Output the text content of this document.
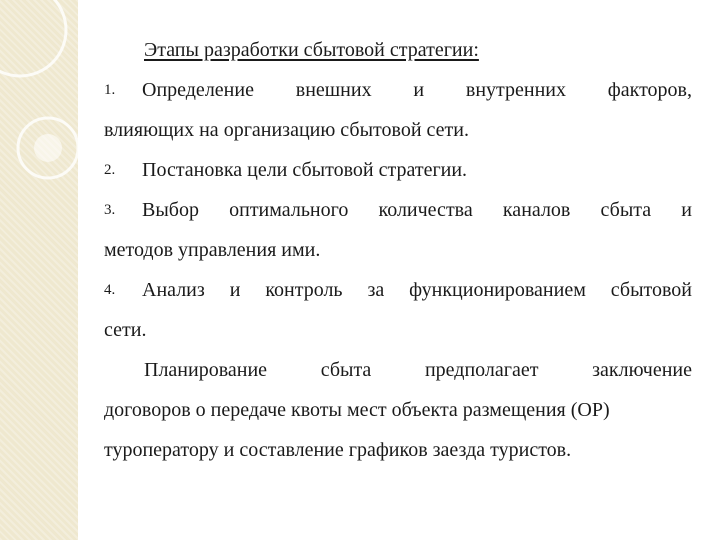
Этапы разработки сбытовой стратегии:
1.	Определение внешних и внутренних факторов,
влияющих на организацию сбытовой сети.
2.	Постановка цели сбытовой стратегии.
3.	Выбор оптимального количества каналов сбыта и
методов управления ими.
4.	Анализ и контроль за функционированием сбытовой
сети.
Планирование сбыта предполагает заключение
договоров о передаче квоты мест объекта размещения (ОР)
туроператору и составление графиков заезда туристов.
